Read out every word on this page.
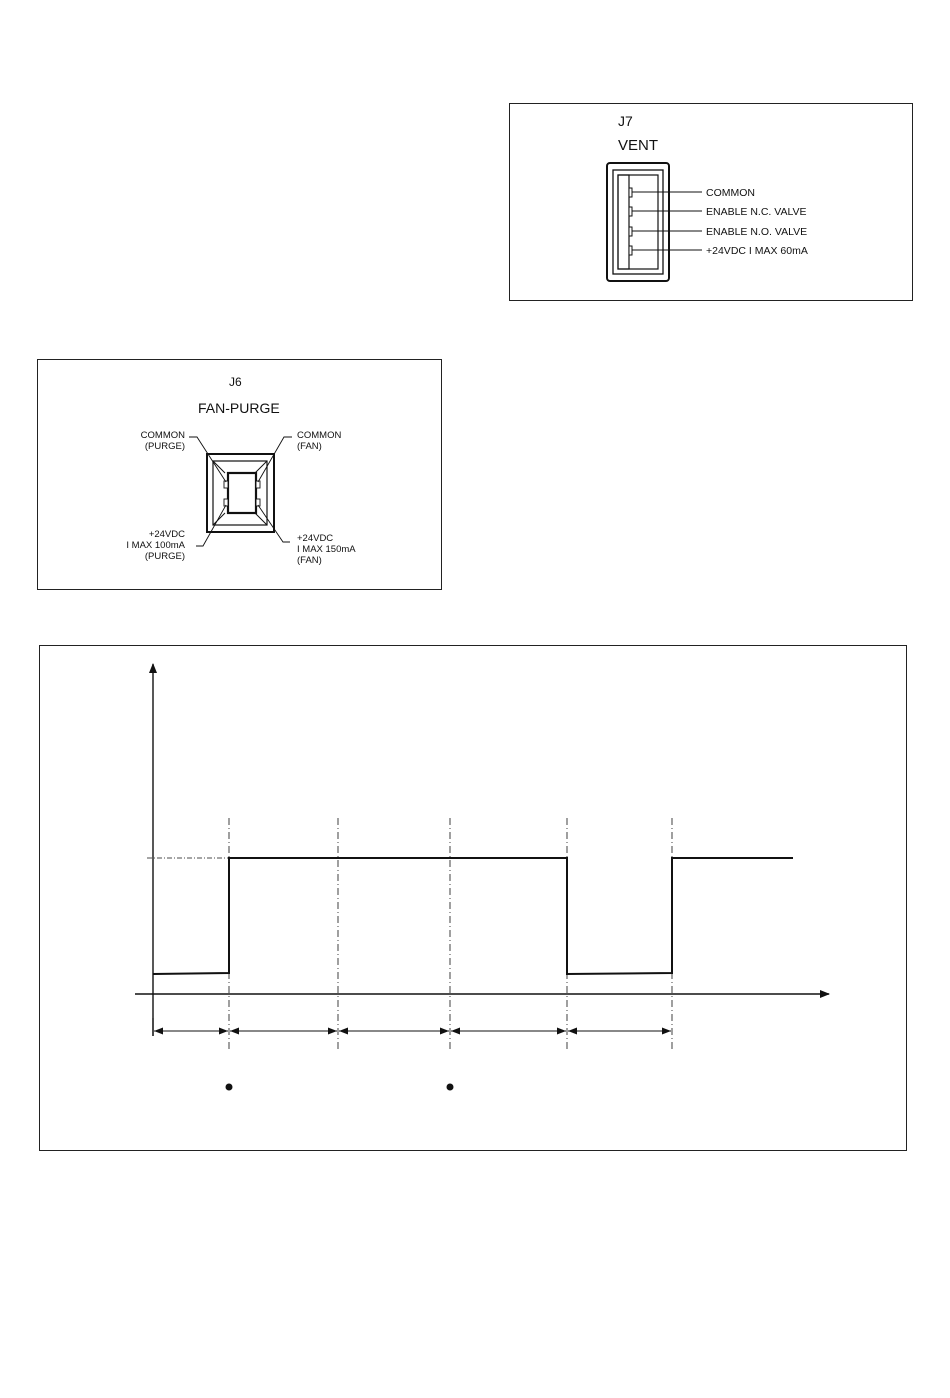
J7
VENT
COMMON
ENABLE N.C. VALVE
ENABLE N.O. VALVE
+24VDC I MAX 60mA
J6
FAN-PURGE
COMMON
(PURGE)
COMMON
(FAN)
+24VDC
I MAX 100mA
(PURGE)
+24VDC
I MAX 150mA
(FAN)
